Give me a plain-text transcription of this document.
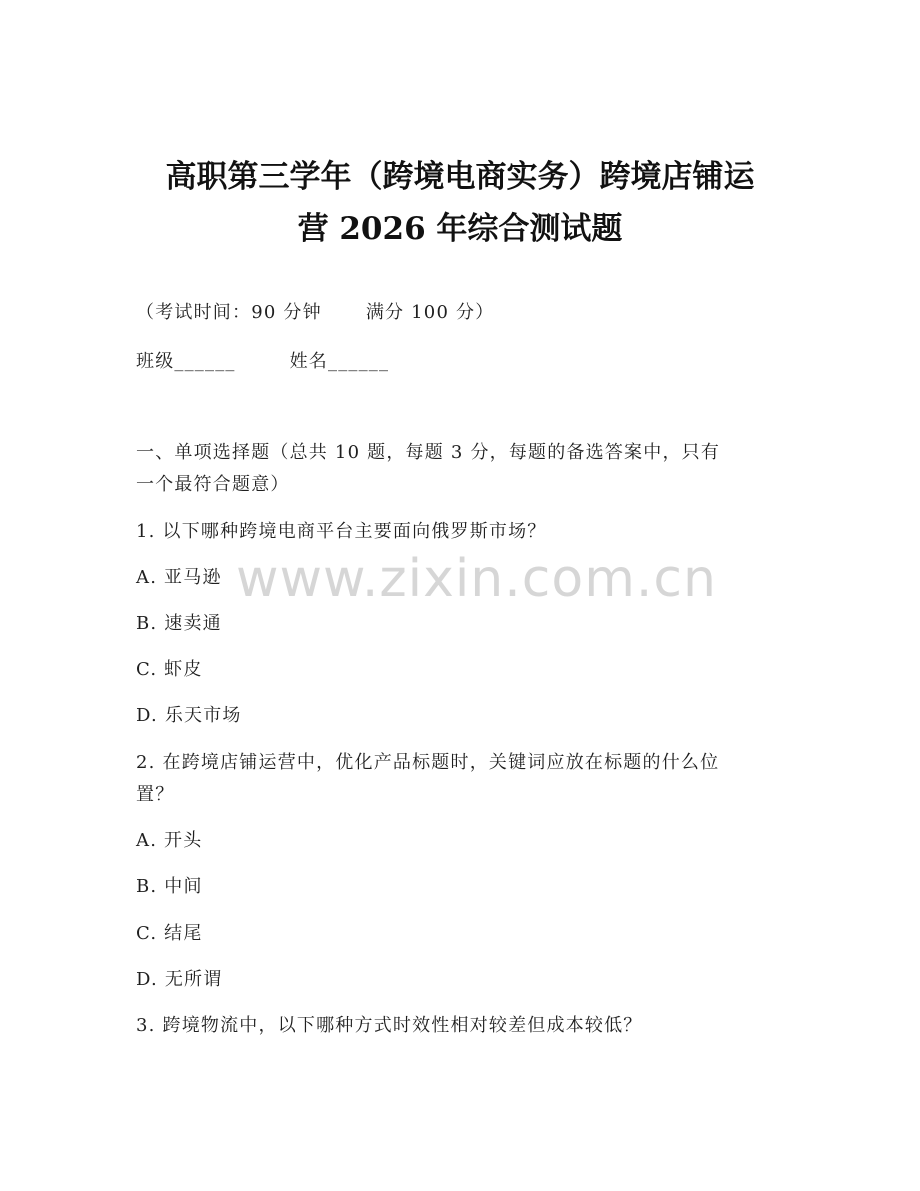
高职第三学年（跨境电商实务）跨境店铺运
营 2026 年综合测试题
（考试时间：90 分钟 满分 100 分）
班级______	姓名______
一、单项选择题（总共 10 题，每题 3 分，每题的备选答案中，只有
一个最符合题意）
1. 以下哪种跨境电商平台主要面向俄罗斯市场？
A. 亚马逊
B. 速卖通
C. 虾皮
D. 乐天市场
2. 在跨境店铺运营中，优化产品标题时，关键词应放在标题的什么位
置？
A. 开头
B. 中间
C. 结尾
D. 无所谓
3. 跨境物流中，以下哪种方式时效性相对较差但成本较低？
www.zixin.com.cn
